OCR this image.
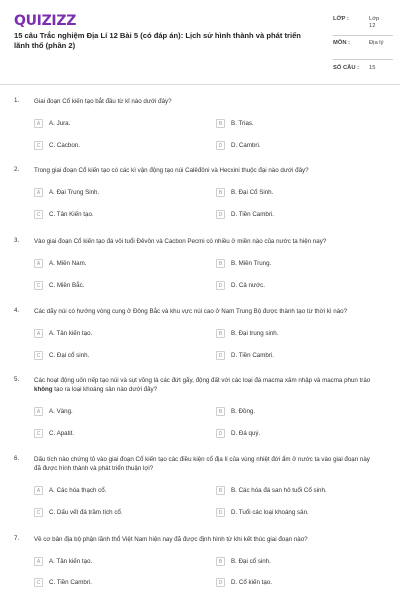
QUIZIZZ
15 câu Trắc nghiệm Địa Lí 12 Bài 5 (có đáp án): Lịch sử hình thành và phát triển lãnh thổ (phần 2)
LỚP :	Lớp 12
MÔN :	Địa lý
SỐ CÂU : 15
1. Giai đoạn Cổ kiến tạo bắt đầu từ kỉ nào dưới đây?
A	A. Jura.	B	B. Trias.
C	C. Cacbon.	D	D. Cambri.
2. Trong giai đoạn Cổ kiến tạo có các kì vận động tạo núi Calêđôni và Hecxini thuộc đại nào dưới đây?
A	A. Đại Trung Sinh.	B	B. Đại Cổ Sinh.
C	C. Tân Kiến tạo.	D	D. Tiền Cambri.
3. Vào giai đoạn Cổ kiến tạo đá vôi tuổi Đêvôn và Cacbon Pecmi có nhiều ở miền nào của nước ta hiện nay?
A	A. Miền Nam.	B	B. Miền Trung.
C	C. Miền Bắc.	D	D. Cả nước.
4. Các dãy núi có hướng vòng cung ở Đông Bắc và khu vực núi cao ở Nam Trung Bộ được thành tạo từ thời kì nào?
A	A. Tân kiến tạo.	B	B. Đại trung sinh.
C	C. Đại cổ sinh.	D	D. Tiền Cambri.
5. Các hoạt động uốn nếp tạo núi và sụt võng là các đứt gãy, động đất với các loại đá macma xâm nhập và macma phun trào không tạo ra loại khoáng sản nào dưới đây?
A	A. Vàng.	B	B. Đồng.
C	C. Apatit.	D	D. Đá quý.
6. Dấu tích nào chứng tỏ vào giai đoạn Cổ kiến tạo các điều kiện cổ địa lí của vùng nhiệt đới ẩm ở nước ta vào giai đoạn này đã được hình thành và phát triển thuận lợi?
A	A. Các hóa thạch cổ.	B	B. Các hóa đá san hô tuổi Cổ sinh.
C	C. Dấu vết đá trầm tích cổ.	D	D. Tuổi các loại khoáng sản.
7. Về cơ bản địa bộ phận lãnh thổ Việt Nam hiện nay đã được định hình từ khi kết thúc giai đoạn nào?
A	A. Tân kiến tạo.	B	B. Đại cổ sinh.
C	C. Tiền Cambri.	D	D. Cổ kiến tạo.
